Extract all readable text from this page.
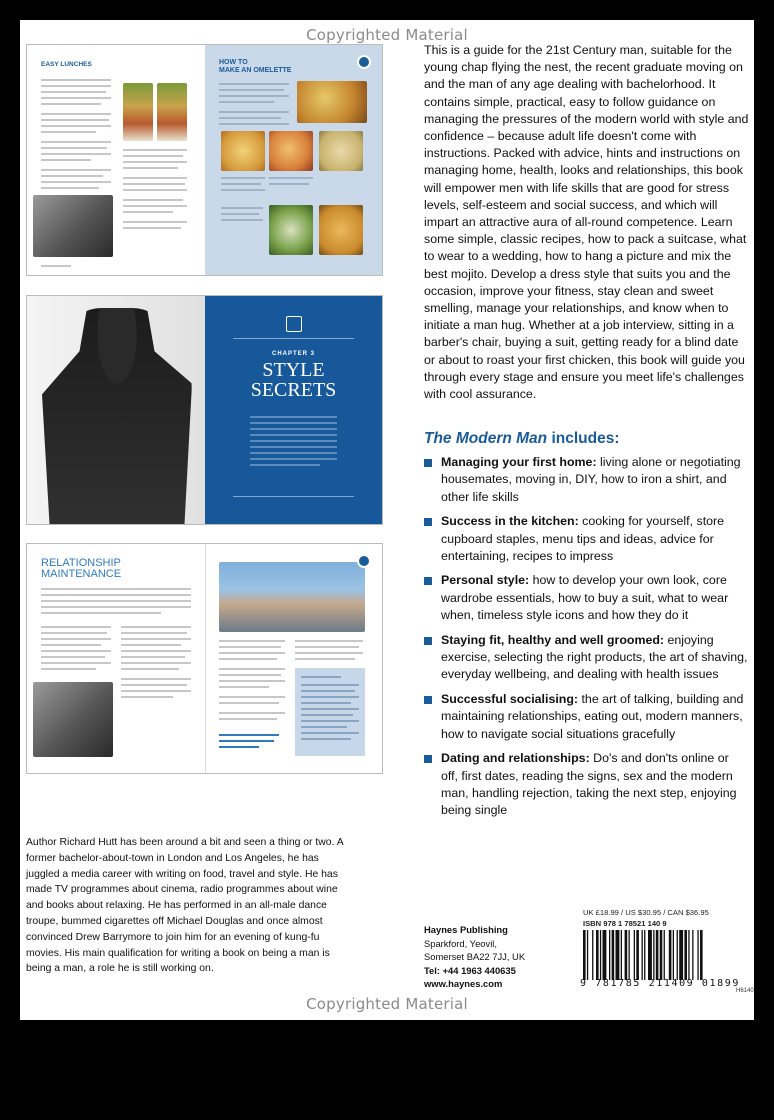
Copyrighted Material
EASY LUNCHES	HOW TO
MAKE AN OMELETTE
CHAPTER 3
STYLE
SECRETS
RELATIONSHIP
MAINTENANCE
This is a guide for the 21st Century man, suitable for the young chap flying the nest, the recent graduate moving on and the man of any age dealing with bachelorhood. It contains simple, practical, easy to follow guidance on managing the pressures of the modern world with style and confidence – because adult life doesn't come with instructions. Packed with advice, hints and instructions on managing home, health, looks and relationships, this book will empower men with life skills that are good for stress levels, self-esteem and social success, and which will impart an attractive aura of all-round competence. Learn some simple, classic recipes, how to pack a suitcase, what to wear to a wedding, how to hang a picture and mix the best mojito. Develop a dress style that suits you and the occasion, improve your fitness, stay clean and sweet smelling, manage your relationships, and know when to initiate a man hug. Whether at a job interview, sitting in a barber's chair, buying a suit, getting ready for a blind date or about to roast your first chicken, this book will guide you through every stage and ensure you meet life's challenges with cool assurance.
The Modern Man includes:
Managing your first home: living alone or negotiating housemates, moving in, DIY, how to iron a shirt, and other life skills
Success in the kitchen: cooking for yourself, store cupboard staples, menu tips and ideas, advice for entertaining, recipes to impress
Personal style: how to develop your own look, core wardrobe essentials, how to buy a suit, what to wear when, timeless style icons and how they do it
Staying fit, healthy and well groomed: enjoying exercise, selecting the right products, the art of shaving, everyday wellbeing, and dealing with health issues
Successful socialising: the art of talking, building and maintaining relationships, eating out, modern manners, how to navigate social situations gracefully
Dating and relationships: Do's and don'ts online or off, first dates, reading the signs, sex and the modern man, handling rejection, taking the next step, enjoying being single
Author Richard Hutt has been around a bit and seen a thing or two. A former bachelor-about-town in London and Los Angeles, he has juggled a media career with writing on food, travel and style. He has made TV programmes about cinema, radio programmes about wine and books about relaxing. He has performed in an all-male dance troupe, bummed cigarettes off Michael Douglas and once almost convinced Drew Barrymore to join him for an evening of kung-fu movies. His main qualification for writing a book on being a man is being a man, a role he is still working on.
Haynes Publishing
Sparkford, Yeovil,
Somerset BA22 7JJ, UK
Tel: +44 1963 440635
www.haynes.com
UK £18.99 / US $30.95 / CAN $36.95
ISBN 978 1 78521 140 9
9 781785 211409 01899
H6140
Copyrighted Material
